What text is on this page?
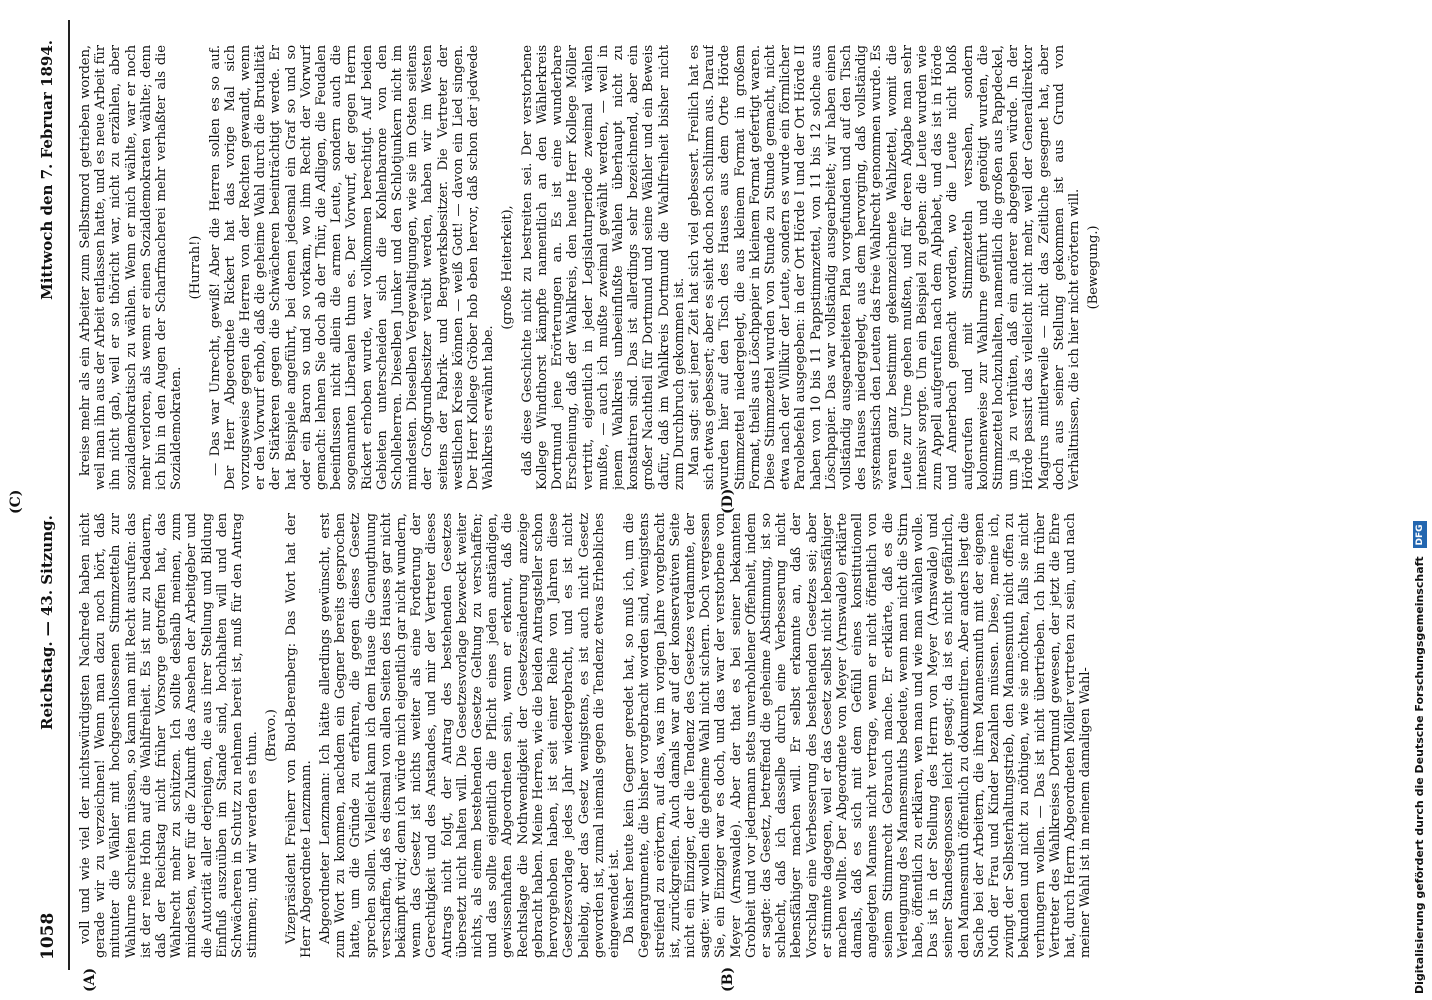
1058
Reichstag. — 43. Sitzung.
Mittwoch den 7. Februar 1894.
(A)	(B)
(C)	(D)

voll und wie viel der nichtswürdigsten Nachrede haben nicht gerade wir zu verzeichnen! Wenn man dazu noch hört, daß mitunter die Wähler mit hochgeschlossenen Stimmzetteln zur Wahlurne schreiten müssen, so kann man mit Recht ausrufen: das ist der reine Hohn auf die Wahlfreiheit. Es ist nur zu bedauern, daß der Reichstag nicht früher Vorsorge getroffen hat, das Wahlrecht mehr zu schützen. Ich sollte deshalb meinen, zum mindesten, wer für die Zukunft das Ansehen der Arbeitgeber und die Autorität aller derjenigen, die aus ihrer Stellung und Bildung Einfluß auszuüben im Stande sind, hochhalten will und den Schwächeren in Schutz zu nehmen bereit ist, muß für den Antrag stimmen; und wir werden es thun. (Bravo.) Vizepräsident Freiherr von Buol-Berenberg: Das Wort hat der Herr Abgeordnete Lenzmann. Abgeordneter Lenzmann: Ich hätte allerdings gewünscht, erst zum Wort zu kommen, nachdem ein Gegner bereits gesprochen hatte, um die Gründe zu erfahren, die gegen dieses Gesetz sprechen sollen. Vielleicht kann ich dem Hause die Genugthuung verschaffen, daß es diesmal von allen Seiten des Hauses gar nicht bekämpft wird; denn ich würde mich eigentlich gar nicht wundern, wenn das Gesetz ist nichts weiter als eine Forderung der Gerechtigkeit und des Anstandes, und mir der Vertreter dieses Antrags nicht folgt, der Antrag des bestehenden Gesetzes übersetzt nicht halten will. Die Gesetzesvorlage bezweckt weiter nichts, als einem bestehenden Gesetze Geltung zu verschaffen; und das sollte eigentlich die Pflicht eines jeden anständigen, gewissenhaften Abgeordneten sein, wenn er erkennt, daß die Rechtslage die Nothwendigkeit der Gesetzesänderung anzeige gebracht haben. Meine Herren, wie die beiden Antragsteller schon hervorgehoben haben, ist seit einer Reihe von Jahren diese Gesetzesvorlage jedes Jahr wiedergebracht, und es ist nicht beliebig, aber das Gesetz wenigstens, es ist auch nicht Gesetz geworden ist, zumal niemals gegen die Tendenz etwas Erhebliches eingewendet ist. Da bisher heute kein Gegner geredet hat, so muß ich, um die Gegenargumente, die bisher vorgebracht worden sind, wenigstens streifend zu erörtern, auf das, was im vorigen Jahre vorgebracht ist, zurückgreifen. Auch damals war auf der konservativen Seite nicht ein Einziger, der die Tendenz des Gesetzes verdammte, der sagte: wir wollen die geheime Wahl nicht sichern. Doch vergessen Sie, ein Einziger war es doch, und das war der verstorbene von Meyer (Arnswalde). Aber der that es bei seiner bekannten Grobheit und vor jedermann stets unverhohlener Offenheit, indem er sagte: das Gesetz, betreffend die geheime Abstimmung, ist so schlecht, daß ich dasselbe durch eine Verbesserung nicht lebensfähiger machen will. Er selbst erkannte an, daß der Vorschlag eine Verbesserung des bestehenden Gesetzes sei; aber er stimmte dagegen, weil er das Gesetz selbst nicht lebensfähiger machen wollte. Der Abgeordnete von Meyer (Arnswalde) erklärte damals, daß es sich mit dem Gefühl eines konstitutionell angelegten Mannes nicht vertrage, wenn er nicht öffentlich von seinem Stimmrecht Gebrauch mache. Er erklärte, daß es die Verleugnung des Mannesmuths bedeute, wenn man nicht die Stirn habe, öffentlich zu erklären, wen man und wie man wählen wolle. Das ist in der Stellung des Herrn von Meyer (Arnswalde) und seiner Standesgenossen leicht gesagt; da ist es nicht gefährlich, den Mannesmuth öffentlich zu dokumentiren. Aber anders liegt die Sache bei der Arbeitern, die ihren Mannesmuth mit der eigenen Noth der Frau und Kinder bezahlen müssen. Diese, meine ich, zwingt der Selbsterhaltungstrieb, den Mannesmuth nicht offen zu bekunden und nicht zu nöthigen, wie sie möchten, falls sie nicht verhungern wollen. — Das ist nicht übertrieben. Ich bin früher Vertreter des Wahlkreises Dortmund gewesen, der jetzt die Ehre hat, durch Herrn Abgeordneten Möller vertreten zu sein, und nach meiner Wahl ist in meinem damaligen Wahl-

kreise mehr als ein Arbeiter zum Selbstmord getrieben worden, weil man ihn aus der Arbeit entlassen hatte, und es neue Arbeit für ihn nicht gab, weil er so thöricht war, nicht zu erzählen, aber sozialdemokratisch zu wählen. Wenn er mich wählte, war er noch mehr verloren, als wenn er einen Sozialdemokraten wählte; denn ich bin in den Augen der Scharfmacherei mehr verhaßter als die Sozialdemokraten.

(Hurrah!) — Das war Unrecht, gewiß! Aber die Herren sollen es so auf. Der Herr Abgeordnete Rickert hat das vorige Mal sich vorzugsweise gegen die Herren von der Rechten gewandt, wenn er den Vorwurf erhob, daß die geheime Wahl durch die Brutalität der Stärkeren gegen die Schwächeren beeinträchtigt werde. Er hat Beispiele angeführt, bei denen jedesmal ein Graf so und so oder ein Baron so und so vorkam, wo ihm Recht der Vorwurf gemacht: lehnen Sie doch ab der Thür, die Adligen, die Feudalen beeinflussen nicht allein die armen Leute, sondern auch die sogenannten Liberalen thun es. Der Vorwurf, der gegen Herrn Rickert erhoben wurde, war vollkommen berechtigt. Auf beiden Gebieten unterscheiden sich die Kohlenbarone von den Scholleherren. Dieselben Junker und den Schlotjunkern nicht im mindesten. Dieselben Vergewaltigungen, wie sie im Osten seitens der Großgrundbesitzer verübt werden, haben wir im Westen seitens der Fabrik- und Bergwerksbesitzer. Die Vertreter der westlichen Kreise können — weiß Gott! — davon ein Lied singen. Der Herr Kollege Gröber hob eben hervor, daß schon der jedwede Wahlkreis erwähnt habe.

(große Heiterkeit), daß diese Geschichte nicht zu bestreiten sei. Der verstorbene Kollege Windthorst kämpfte namentlich an den Wählerkreis Dortmund jene Erörterungen an. Es ist eine wunderbare Erscheinung, daß der Wahlkreis, den heute Herr Kollege Möller vertritt, eigentlich in jeder Legislaturperiode zweimal wählen mußte, — auch ich mußte zweimal gewählt werden, — weil in jenem Wahlkreis unbeeinflußte Wahlen überhaupt nicht zu konstatiren sind. Das ist allerdings sehr bezeichnend, aber ein großer Nachtheil für Dortmund und seine Wähler und ein Beweis dafür, daß im Wahlkreis Dortmund die Wahlfreiheit bisher nicht zum Durchbruch gekommen ist. Man sagt: seit jener Zeit hat sich viel gebessert. Freilich hat es sich etwas gebessert; aber es sieht doch noch schlimm aus. Darauf wurden hier auf den Tisch des Hauses aus dem Orte Hörde Stimmzettel niedergelegt, die aus kleinem Format in großem Format, theils aus Löschpapier in kleinem Format gefertigt waren. Diese Stimmzettel wurden von Stunde zu Stunde gemacht, nicht etwa nach der Willkür der Leute, sondern es wurde ein förmlicher Parolebefehl ausgegeben: in der Ort Hörde I und der Ort Hörde II haben von 10 bis 11 Pappstimmzettel, von 11 bis 12 solche aus Löschpapier. Das war vollständig ausgearbeitet; wir haben einen vollständig ausgearbeiteten Plan vorgefunden und auf den Tisch des Hauses niedergelegt, aus dem hervorging, daß vollständig systematisch den Leuten das freie Wahlrecht genommen wurde. Es waren ganz bestimmt gekennzeichnete Wahlzettel, womit die Leute zur Urne gehen mußten, und für deren Abgabe man sehr intensiv sorgte. Um ein Beispiel zu geben: die Leute wurden wie zum Appell aufgerufen nach dem Alphabet, und das ist in Hörde und Annerbach gemacht worden, wo die Leute nicht bloß aufgerufen und mit Stimmzetteln versehen, sondern kolonnenweise zur Wahlurne geführt und genötigt wurden, die Stimmzettel hochzuhalten, namentlich die großen aus Pappdeckel, um ja zu verhüten, daß ein anderer abgegeben würde. In der Hörde passirt das vielleicht nicht mehr, weil der Generaldirektor Magirus mittlerweile — nicht das Zeitliche gesegnet hat, aber doch aus seiner Stellung gekommen ist aus Grund von Verhältnissen, die ich hier nicht erörtern will. (Bewegung.)

Digitalisierung gefördert durch die Deutsche Forschungsgemeinschaft DFG
